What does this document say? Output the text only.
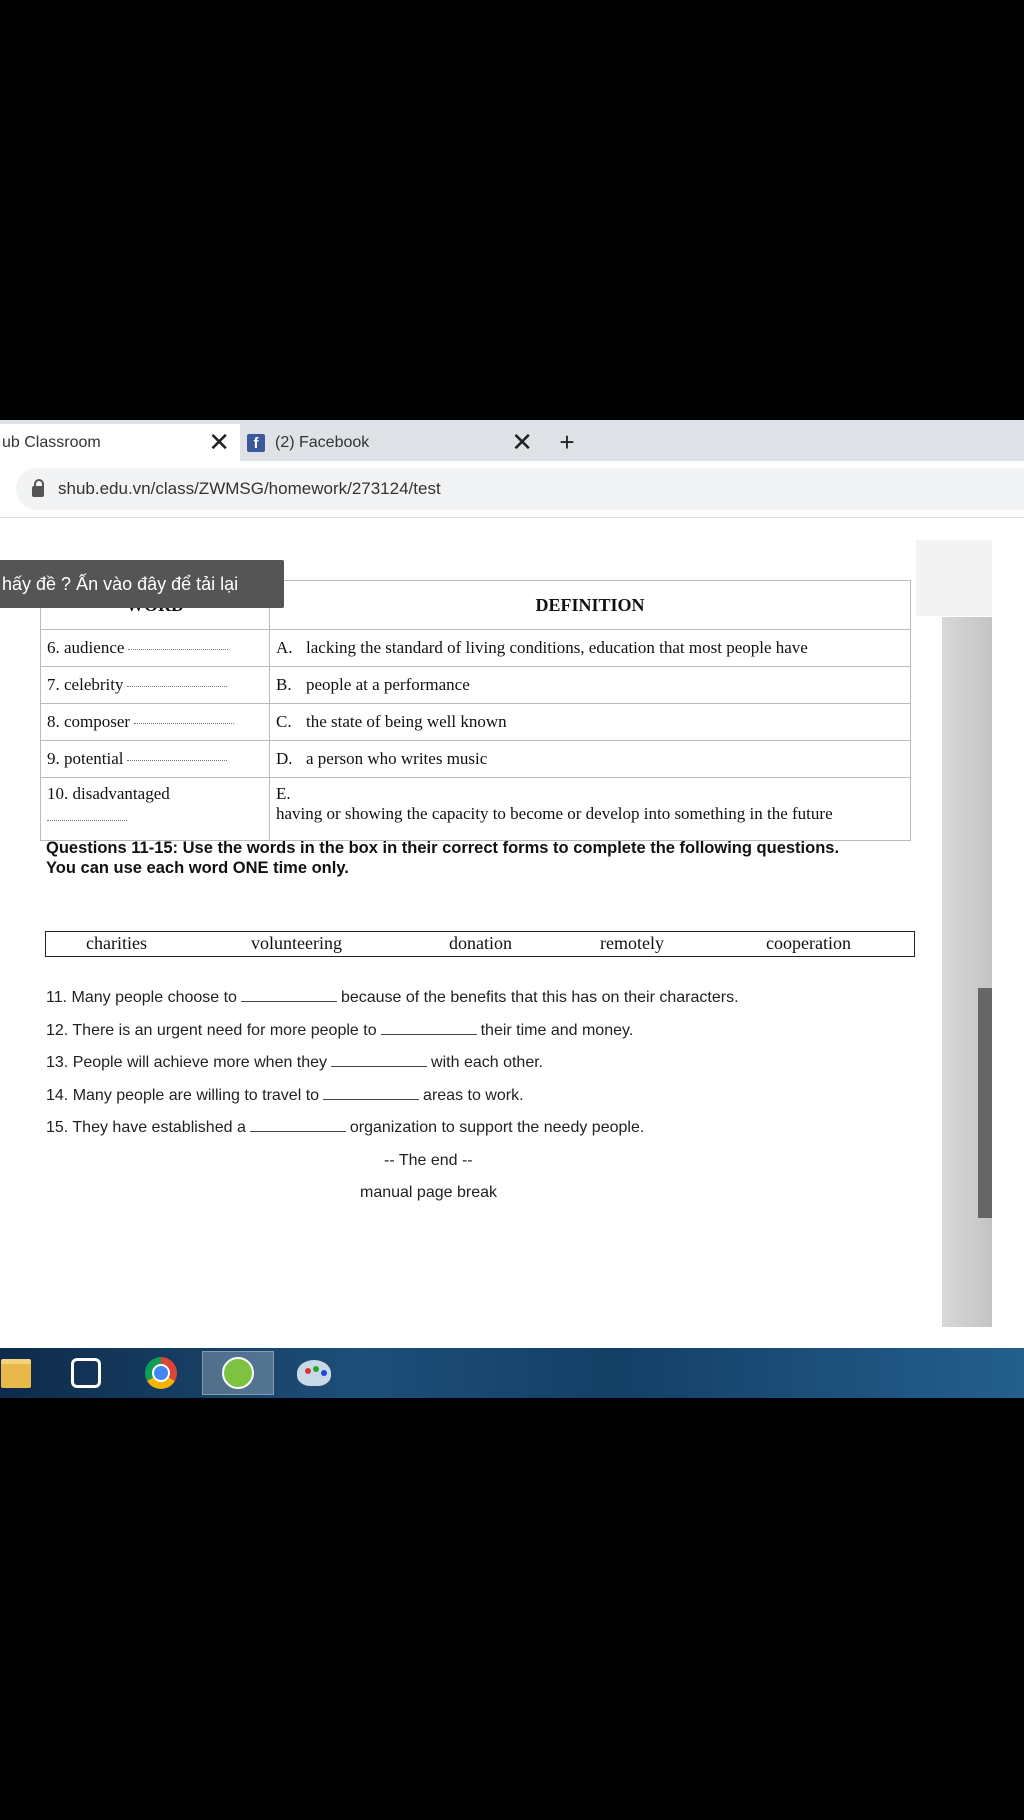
ub Classroom	✕	f	(2) Facebook	✕ +
shub.edu.vn/class/ZWMSG/homework/273124/test
hấy đề ? Ấn vào đây để tải lại
	DEFINITION
6. audience	A. lacking the standard of living conditions, education that most people have
7. celebrity	B. people at a performance
8. composer	C. the state of being well known
9. potential	D. a person who writes music
10. disadvantaged	E.having or showing the capacity to become or develop into something in the future
Questions 11-15: Use the words in the box in their correct forms to complete the following questions. You can use each word ONE time only.
charities	volunteering	donation	remotely	cooperation
11. Many people choose to	because of the benefits that this has on their characters.
12. There is an urgent need for more people to	their time and money.
13. People will achieve more when they	with each other.
14. Many people are willing to travel to	areas to work.
15. They have established a	organization to support the needy people.
-- The end --
manual page break
